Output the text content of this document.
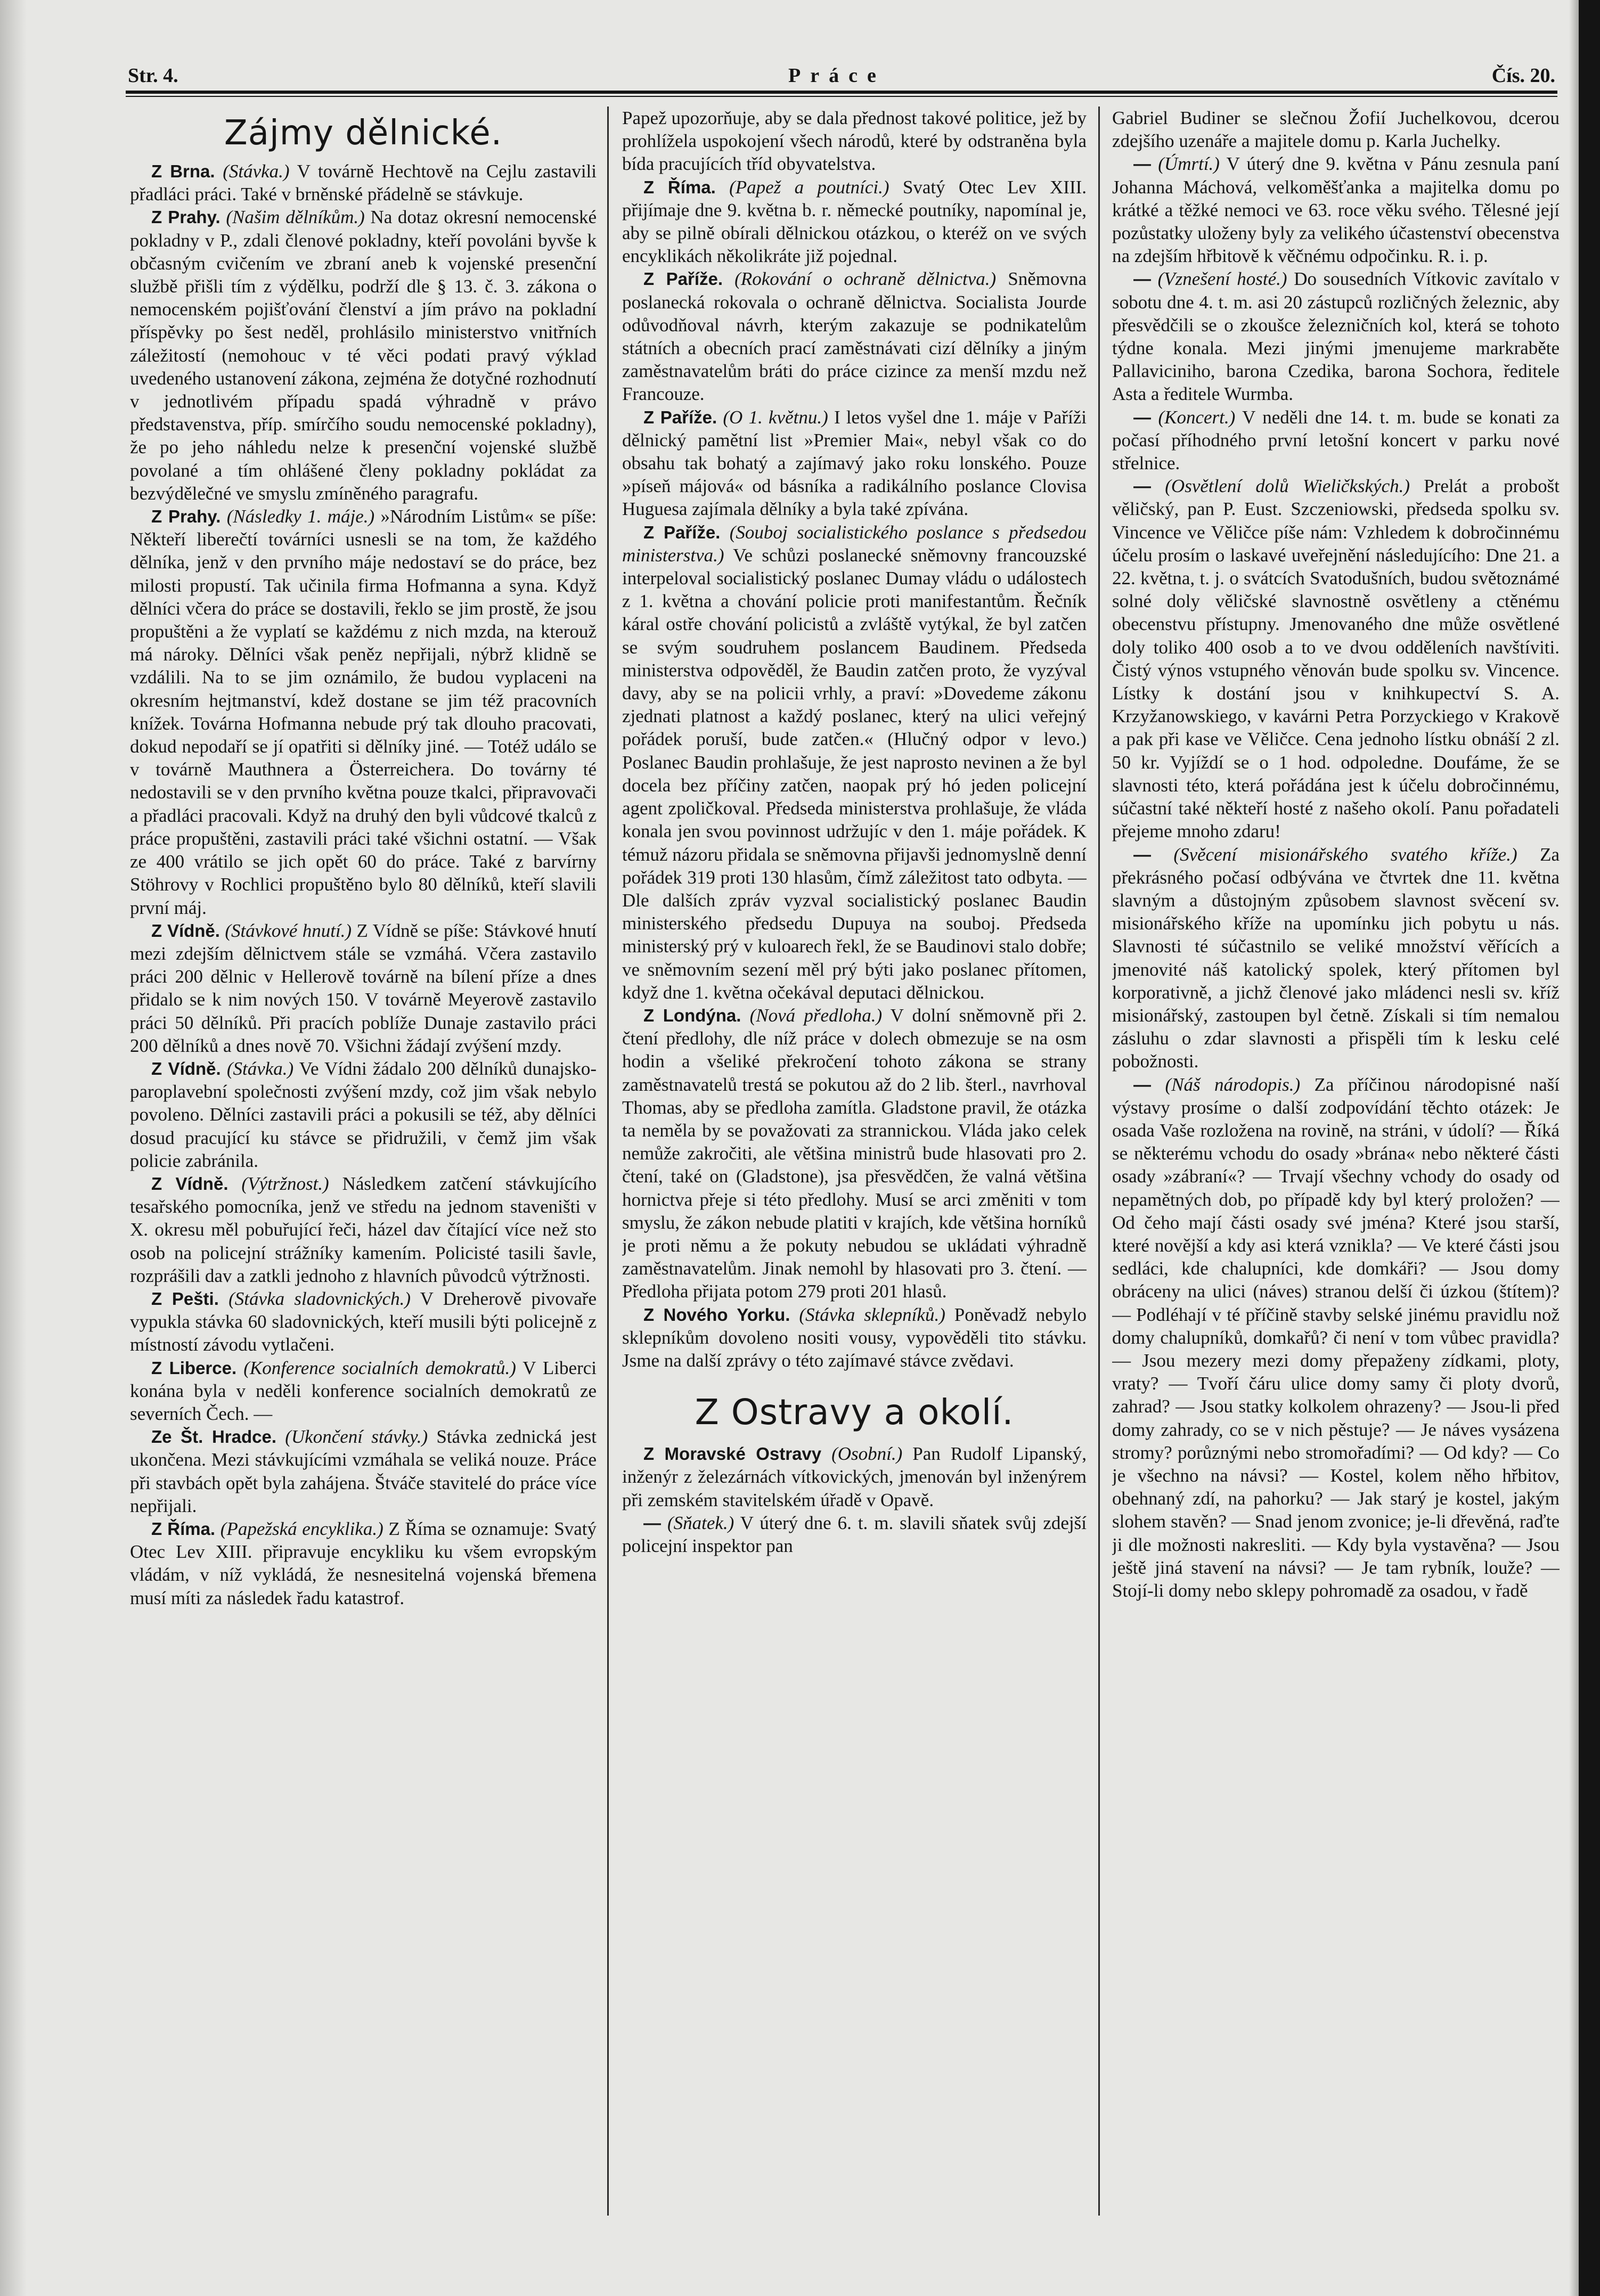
Str. 4.	Práce	Čís. 20.
Zájmy dělnické.

Z Brna. (Stávka.) V továrně Hechtově na Cejlu zastavili přadláci práci. Také v brněnské přádelně se stávkuje.

Z Prahy. (Našim dělníkům.) Na dotaz okresní nemocenské pokladny v P., zdali členové pokladny, kteří povoláni byvše k občasným cvičením ve zbraní aneb k vojenské presenční službě přišli tím z výdělku, podrží dle § 13. č. 3. zákona o nemocenském pojišťování členství a jím právo na pokladní příspěvky po šest neděl, prohlásilo ministerstvo vnitřních záležitostí (nemohouc v té věci podati pravý výklad uvedeného ustanovení zákona, zejména že dotyčné rozhodnutí v jednotlivém případu spadá výhradně v právo představenstva, příp. smírčího soudu nemocenské pokladny), že po jeho náhledu nelze k presenční vojenské službě povolané a tím ohlášené členy pokladny pokládat za bezvýdělečné ve smyslu zmíněného paragrafu.

Z Prahy. (Následky 1. máje.) »Národním Listům« se píše: Někteří liberečtí továrníci usnesli se na tom, že každého dělníka, jenž v den prvního máje nedostaví se do práce, bez milosti propustí. Tak učinila firma Hofmanna a syna. Když dělníci včera do práce se dostavili, řeklo se jim prostě, že jsou propuštěni a že vyplatí se každému z nich mzda, na kterouž má nároky. Dělníci však peněz nepřijali, nýbrž klidně se vzdálili. Na to se jim oznámilo, že budou vyplaceni na okresním hejtmanství, kdež dostane se jim též pracovních knížek. Továrna Hofmanna nebude prý tak dlouho pracovati, dokud nepodaří se jí opatřiti si dělníky jiné. — Totéž událo se v továrně Mauthnera a Österreichera. Do továrny té nedostavili se v den prvního května pouze tkalci, připravovači a přadláci pracovali. Když na druhý den byli vůdcové tkalců z práce propuštěni, zastavili práci také všichni ostatní. — Však ze 400 vrátilo se jich opět 60 do práce. Také z barvírny Stöhrovy v Rochlici propuštěno bylo 80 dělníků, kteří slavili první máj.

Z Vídně. (Stávkové hnutí.) Z Vídně se píše: Stávkové hnutí mezi zdejším dělnictvem stále se vzmáhá. Včera zastavilo práci 200 dělnic v Hellerově továrně na bílení příze a dnes přidalo se k nim nových 150. V továrně Meyerově zastavilo práci 50 dělníků. Při pracích poblíže Dunaje zastavilo práci 200 dělníků a dnes nově 70. Všichni žádají zvýšení mzdy.

Z Vídně. (Stávka.) Ve Vídni žádalo 200 dělníků dunajsko-paroplavební společnosti zvýšení mzdy, což jim však nebylo povoleno. Dělníci zastavili práci a pokusili se též, aby dělníci dosud pracující ku stávce se přidružili, v čemž jim však policie zabránila.

Z Vídně. (Výtržnost.) Následkem zatčení stávkujícího tesařského pomocníka, jenž ve středu na jednom staveništi v X. okresu měl pobuřující řeči, házel dav čítající více než sto osob na policejní strážníky kamením. Policisté tasili šavle, rozprášili dav a zatkli jednoho z hlavních původců výtržnosti.

Z Pešti. (Stávka sladovnických.) V Dreherově pivovaře vypukla stávka 60 sladovnických, kteří musili býti policejně z místností závodu vytlačeni.

Z Liberce. (Konference socialních demokratů.) V Liberci konána byla v neděli konference socialních demokratů ze severních Čech. —

Ze Št. Hradce. (Ukončení stávky.) Stávka zednická jest ukončena. Mezi stávkujícími vzmáhala se veliká nouze. Práce při stavbách opět byla zahájena. Štváče stavitelé do práce více nepřijali.

Z Říma. (Papežská encyklika.) Z Říma se oznamuje: Svatý Otec Lev XIII. připravuje encykliku ku všem evropským vládám, v níž vykládá, že nesnesitelná vojenská břemena musí míti za následek řadu katastrof.

Papež upozorňuje, aby se dala přednost takové politice, jež by prohlížela uspokojení všech národů, které by odstraněna byla bída pracujících tříd obyvatelstva.

Z Říma. (Papež a poutníci.) Svatý Otec Lev XIII. přijímaje dne 9. května b. r. německé poutníky, napomínal je, aby se pilně obírali dělnickou otázkou, o kteréž on ve svých encyklikách několikráte již pojednal.

Z Paříže. (Rokování o ochraně dělnictva.) Sněmovna poslanecká rokovala o ochraně dělnictva. Socialista Jourde odůvodňoval návrh, kterým zakazuje se podnikatelům státních a obecních prací zaměstnávati cizí dělníky a jiným zaměstnavatelům bráti do práce cizince za menší mzdu než Francouze.

Z Paříže. (O 1. květnu.) I letos vyšel dne 1. máje v Paříži dělnický pamětní list »Premier Mai«, nebyl však co do obsahu tak bohatý a zajímavý jako roku lonského. Pouze »píseň májová« od básníka a radikálního poslance Clovisa Huguesa zajímala dělníky a byla také zpívána.

Z Paříže. (Souboj socialistického poslance s předsedou ministerstva.) Ve schůzi poslanecké sněmovny francouzské interpeloval socialistický poslanec Dumay vládu o událostech z 1. května a chování policie proti manifestantům. Řečník káral ostře chování policistů a zvláště vytýkal, že byl zatčen se svým soudruhem poslancem Baudinem. Předseda ministerstva odpověděl, že Baudin zatčen proto, že vyzýval davy, aby se na policii vrhly, a praví: »Dovedeme zákonu zjednati platnost a každý poslanec, který na ulici veřejný pořádek poruší, bude zatčen.« (Hlučný odpor v levo.) Poslanec Baudin prohlašuje, že jest naprosto nevinen a že byl docela bez příčiny zatčen, naopak prý hó jeden policejní agent zpoličkoval. Předseda ministerstva prohlašuje, že vláda konala jen svou povinnost udržujíc v den 1. máje pořádek. K témuž názoru přidala se sněmovna přijavši jednomyslně denní pořádek 319 proti 130 hlasům, čímž záležitost tato odbyta. — Dle dalších zpráv vyzval socialistický poslanec Baudin ministerského předsedu Dupuya na souboj. Předseda ministerský prý v kuloarech řekl, že se Baudinovi stalo dobře; ve sněmovním sezení měl prý býti jako poslanec přítomen, když dne 1. května očekával deputaci dělnickou.

Z Londýna. (Nová předloha.) V dolní sněmovně při 2. čtení předlohy, dle níž práce v dolech obmezuje se na osm hodin a všeliké překročení tohoto zákona se strany zaměstnavatelů trestá se pokutou až do 2 lib. šterl., navrhoval Thomas, aby se předloha zamítla. Gladstone pravil, že otázka ta neměla by se považovati za strannickou. Vláda jako celek nemůže zakročiti, ale většina ministrů bude hlasovati pro 2. čtení, také on (Gladstone), jsa přesvědčen, že valná většina hornictva přeje si této předlohy. Musí se arci změniti v tom smyslu, že zákon nebude platiti v krajích, kde většina horníků je proti němu a že pokuty nebudou se ukládati výhradně zaměstnavatelům. Jinak nemohl by hlasovati pro 3. čtení. — Předloha přijata potom 279 proti 201 hlasů.

Z Nového Yorku. (Stávka sklepníků.) Poněvadž nebylo sklepníkům dovoleno nositi vousy, vypověděli tito stávku. Jsme na další zprávy o této zajímavé stávce zvědavi.

Z Ostravy a okolí.

Z Moravské Ostravy (Osobní.) Pan Rudolf Lipanský, inženýr z železárnách vítkovických, jmenován byl inženýrem při zemském stavitelském úřadě v Opavě.

— (Sňatek.) V úterý dne 6. t. m. slavili sňatek svůj zdejší policejní inspektor pan

Gabriel Budiner se slečnou Žofií Juchelkovou, dcerou zdejšího uzenáře a majitele domu p. Karla Juchelky.

— (Úmrtí.) V úterý dne 9. května v Pánu zesnula paní Johanna Máchová, velkoměšťanka a majitelka domu po krátké a těžké nemoci ve 63. roce věku svého. Tělesné její pozůstatky uloženy byly za velikého účastenství obecenstva na zdejším hřbitově k věčnému odpočinku. R. i. p.

— (Vznešení hosté.) Do sousedních Vítkovic zavítalo v sobotu dne 4. t. m. asi 20 zástupců rozličných železnic, aby přesvědčili se o zkoušce železničních kol, která se tohoto týdne konala. Mezi jinými jmenujeme markraběte Pallaviciniho, barona Czedika, barona Sochora, ředitele Asta a ředitele Wurmba.

— (Koncert.) V neděli dne 14. t. m. bude se konati za počasí příhodného první letošní koncert v parku nové střelnice.

— (Osvětlení dolů Wieličkských.) Prelát a probošt věličský, pan P. Eust. Szczeniowski, předseda spolku sv. Vincence ve Věličce píše nám: Vzhledem k dobročinnému účelu prosím o laskavé uveřejnění následujícího: Dne 21. a 22. května, t. j. o svátcích Svatodušních, budou světoznámé solné doly věličské slavnostně osvětleny a ctěnému obecenstvu přístupny. Jmenovaného dne může osvětlené doly toliko 400 osob a to ve dvou odděleních navštíviti. Čistý výnos vstupného věnován bude spolku sv. Vincence. Lístky k dostání jsou v knihkupectví S. A. Krzyžanowskiego, v kavárni Petra Porzyckiego v Krakově a pak při kase ve Věličce. Cena jednoho lístku obnáší 2 zl. 50 kr. Vyjíždí se o 1 hod. odpoledne. Doufáme, že se slavnosti této, která pořádána jest k účelu dobročinnému, súčastní také někteří hosté z našeho okolí. Panu pořadateli přejeme mnoho zdaru!

— (Svěcení misionářského svatého kříže.) Za překrásného počasí odbývána ve čtvrtek dne 11. května slavným a důstojným způsobem slavnost svěcení sv. misionářského kříže na upomínku jich pobytu u nás. Slavnosti té súčastnilo se veliké množství věřících a jmenovité náš katolický spolek, který přítomen byl korporativně, a jichž členové jako mládenci nesli sv. kříž misionářský, zastoupen byl četně. Získali si tím nemalou zásluhu o zdar slavnosti a přispěli tím k lesku celé pobožnosti.

— (Náš národopis.) Za příčinou národopisné naší výstavy prosíme o další zodpovídání těchto otázek: Je osada Vaše rozložena na rovině, na stráni, v údolí? — Říká se některému vchodu do osady »brána« nebo některé části osady »zábraní«? — Trvají všechny vchody do osady od nepamětných dob, po případě kdy byl který proložen? — Od čeho mají části osady své jména? Které jsou starší, které novější a kdy asi která vznikla? — Ve které části jsou sedláci, kde chalupníci, kde domkáři? — Jsou domy obráceny na ulici (náves) stranou delší či úzkou (štítem)? — Podléhají v té příčině stavby selské jinému pravidlu nož domy chalupníků, domkařů? či není v tom vůbec pravidla? — Jsou mezery mezi domy přepaženy zídkami, ploty, vraty? — Tvoří čáru ulice domy samy či ploty dvorů, zahrad? — Jsou statky kolkolem ohrazeny? — Jsou-li před domy zahrady, co se v nich pěstuje? — Je náves vysázena stromy? porůznými nebo stromořadími? — Od kdy? — Co je všechno na návsi? — Kostel, kolem něho hřbitov, obehnaný zdí, na pahorku? — Jak starý je kostel, jakým slohem stavěn? — Snad jenom zvonice; je-li dřevěná, raďte ji dle možnosti nakresliti. — Kdy byla vystavěna? — Jsou ještě jiná stavení na návsi? — Je tam rybník, louže? — Stojí-li domy nebo sklepy pohromadě za osadou, v řadě
